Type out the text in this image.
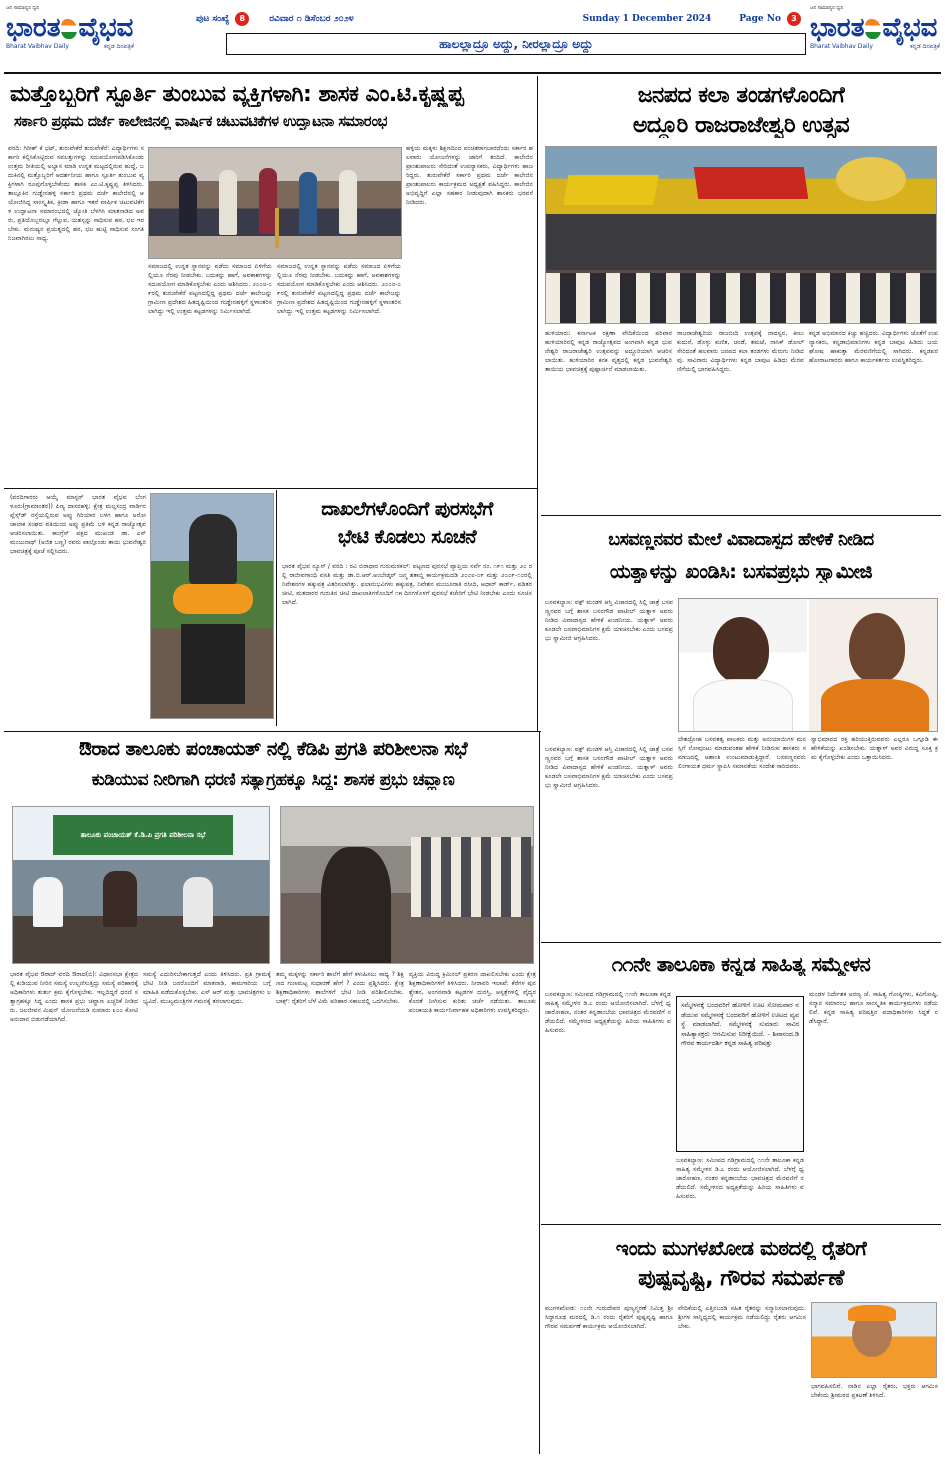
ಜನ ಸಾಮಾನ್ಯರ ಧ್ವನಿ
ಭಾರತ ವೈಭವ
Bharat Vaibhav Daily	ಕನ್ನಡ ದಿನಪತ್ರಿಕೆ
ಜನ ಸಾಮಾನ್ಯರ ಧ್ವನಿ
ಭಾರತ ವೈಭವ
Bharat Vaibhav Daily	ಕನ್ನಡ ದಿನಪತ್ರಿಕೆ
ಪುಟ ಸಂಖ್ಯೆ	8	ರವಿವಾರ ೧ ಡಿಸೆಂಬರ ೨೦೨೪	Sunday 1 December 2024	Page No	3
ಹಾಲಲ್ಲಾದ್ರೂ ಅದ್ದು, ನೀರಲ್ಲಾದ್ರೂ ಅದ್ದು
ಮತ್ತೊಬ್ಬರಿಗೆ ಸ್ಪೂರ್ತಿ ತುಂಬುವ ವ್ಯಕ್ತಿಗಳಾಗಿ: ಶಾಸಕ ಎಂ.ಟಿ.ಕೃಷ್ಣಪ್ಪ
ಸರ್ಕಾರಿ ಪ್ರಥಮ ದರ್ಜೆ ಕಾಲೇಜಿನಲ್ಲಿ ವಾರ್ಷಿಕ ಚಟುವಟಿಕೆಗಳ ಉದ್ಘಾಟನಾ ಸಮಾರಂಭ
ವರದಿ: ಗಿರೀಶ್ ಕೆ ಭಟ್, ತುರುವೇಕೆರೆ ತುರುವೇಕೆರೆ: ವಿದ್ಯಾರ್ಥಿಗಳು ಸರ್ಕಾರಿ ಕಲ್ಪಿಸಿಕೊಟ್ಟಿರುವ ಸವಲತ್ತುಗಳನ್ನು ಸದುಪಯೋಗಪಡಿಸಿಕೊಂಡು ಉತ್ತಮ ರೀತಿಯಲ್ಲಿ ಅಭ್ಯಾಸ ಮಾಡಿ ಉನ್ನತ ಮಟ್ಟದಲ್ಲಿರುವ ಹುದ್ದೆ, ಬದುಕಿನಲ್ಲಿ ಮತ್ತೊಬ್ಬರಿಗೆ ಆದರ್ಶನೀಯ ಹಾಗೂ ಸ್ಪೂರ್ತಿ ತುಂಬುವ ವ್ಯಕ್ತಿಗಳಾಗಿ ರೂಪುಗೊಳ್ಳಬೇಕೆಂದು ಶಾಸಕ ಎಂ.ಟಿ.ಕೃಷ್ಣಪ್ಪ ತಿಳಿಸಿದರು. ತಾಲ್ಲೂಕಿನ ಗುಡ್ಡೇನಹಳ್ಳಿ ಸರ್ಕಾರಿ ಪ್ರಥಮ ದರ್ಜೆ ಕಾಲೇಜಿನಲ್ಲಿ ಆಯೋಜಿಸಿದ್ದ ಸಾಂಸ್ಕೃತಿಕ, ಕ್ರೀಡಾ ಹಾಗೂ ಇತರೆ ವಾರ್ಷಿಕ ಚಟುವಟಿಕೆಗಳ ಉದ್ಘಾಟನಾ ಸಮಾರಂಭದಲ್ಲಿ ಜ್ಯೋತಿ ಬೆಳಗಿಸಿ ಮಾತನಾಡಿದ ಅವರು, ಪ್ರತಿಯೊಬ್ಬರಲ್ಲೂ ಗೆಲ್ಲುವ, ಯಶಸ್ಸನ್ನು ಸಾಧಿಸುವ ಹಠ, ಛಲ ಇರಬೇಕು. ಮನುಷ್ಯನ ಪ್ರಯತ್ನದಲ್ಲಿ ಹಠ, ಛಲ ಹುಟ್ಟಿ ಸಾಧಿಸುವ ಸಂಗತಿ ನಿಜವಾಗಿರಲು ಸಾಧ್ಯ.
ಸಮಾಜದಲ್ಲಿ ಉನ್ನತ ಸ್ಥಾನವನ್ನು ಪಡೆದು ಸಮಾಜದ ಏಳಿಗೆಯಲ್ಲಿಯೂ ನೆರವು ನೀಡಬೇಕು. ಬದುಕನ್ನು ಹಾಗೆ, ಅವಕಾಶಗಳನ್ನು ಸದುಪಯೋಗ ಮಾಡಿಕೊಳ್ಳಬೇಕು ಎಂದು ಆಶಿಸಿದರು. ೨೦೦೮-೦೯ರಲ್ಲಿ ತುರುವೇಕೆರೆ ಪಟ್ಟಣದಲ್ಲಿದ್ದ ಪ್ರಥಮ ದರ್ಜೆ ಕಾಲೇಜನ್ನು ಗ್ರಾಮೀಣ ಪ್ರದೇಶದ ಹಿತದೃಷ್ಟಿಯಿಂದ ಗುಡ್ಡೇನಹಳ್ಳಿಗೆ ಸ್ಥಳಾಂತರಿಸಲಾಗಿದ್ದು ಇಲ್ಲಿ ಉತ್ತಮ ಕಟ್ಟಡಗಳನ್ನು ನಿರ್ಮಿಸಲಾಗಿದೆ.
ಸಮಾಜದಲ್ಲಿ ಉನ್ನತ ಸ್ಥಾನವನ್ನು ಪಡೆದು ಸಮಾಜದ ಏಳಿಗೆಯಲ್ಲಿಯೂ ನೆರವು ನೀಡಬೇಕು. ಬದುಕನ್ನು ಹಾಗೆ, ಅವಕಾಶಗಳನ್ನು ಸದುಪಯೋಗ ಮಾಡಿಕೊಳ್ಳಬೇಕು ಎಂದು ಆಶಿಸಿದರು. ೨೦೦೮-೦೯ರಲ್ಲಿ ತುರುವೇಕೆರೆ ಪಟ್ಟಣದಲ್ಲಿದ್ದ ಪ್ರಥಮ ದರ್ಜೆ ಕಾಲೇಜನ್ನು ಗ್ರಾಮೀಣ ಪ್ರದೇಶದ ಹಿತದೃಷ್ಟಿಯಿಂದ ಗುಡ್ಡೇನಹಳ್ಳಿಗೆ ಸ್ಥಳಾಂತರಿಸಲಾಗಿದ್ದು ಇಲ್ಲಿ ಉತ್ತಮ ಕಟ್ಟಡಗಳನ್ನು ನಿರ್ಮಿಸಲಾಗಿದೆ.
ಹಳ್ಳಿಯ ಮಕ್ಕಳು ಶಿಕ್ಷಣದಿಂದ ವಂಚಿತರಾಗಬಾರದೆಂದು ಸರ್ಕಾರ ಹಲವಾರು ಯೋಜನೆಗಳನ್ನು ಜಾರಿಗೆ ತಂದಿದೆ. ಕಾಲೇಜಿನ ಪ್ರಾಂಶುಪಾಲರು ಸೇರಿದಂತೆ ಉಪನ್ಯಾಸಕರು, ವಿದ್ಯಾರ್ಥಿಗಳು ಹಾಜರಿದ್ದರು. ತುರುವೇಕೆರೆ ಸರ್ಕಾರಿ ಪ್ರಥಮ ದರ್ಜೆ ಕಾಲೇಜಿನ ಪ್ರಾಂಶುಪಾಲರು ಕಾರ್ಯಕ್ರಮದ ಅಧ್ಯಕ್ಷತೆ ವಹಿಸಿದ್ದರು. ಕಾಲೇಜಿನ ಅಭಿವೃದ್ಧಿಗೆ ಎಲ್ಲಾ ಸಹಕಾರ ನೀಡುವುದಾಗಿ ಶಾಸಕರು ಭರವಸೆ ನೀಡಿದರು.
ಜನಪದ ಕಲಾ ತಂಡಗಳೊಂದಿಗೆ
ಅದ್ದೂರಿ ರಾಜರಾಜೇಶ್ವರಿ ಉತ್ಸವ
ಹುಳಿಯಾರು: ಕರ್ನಾಟಕ ರಕ್ಷಣಾ ವೇದಿಕೆಯಿಂದ ಪರಿವಾರ ಹುಳಿಯಾರಿನಲ್ಲಿ ಕನ್ನಡ ರಾಜ್ಯೋತ್ಸವದ ಅಂಗವಾಗಿ ಕನ್ನಡ ಭುವನೇಶ್ವರಿ ರಾಜರಾಜೇಶ್ವರಿ ಉತ್ಸವವನ್ನು ಅದ್ದೂರಿಯಾಗಿ ಆಚರಿಸಲಾಯಿತು. ಹುಳಿಯಾರಿನ ಕನಕ ವೃತ್ತದಲ್ಲಿ ಕನ್ನಡ ಭುವನೇಶ್ವರಿ ತಾಯಿಯ ಭಾವಚಿತ್ರಕ್ಕೆ ಪುಷ್ಪಾರ್ಚನೆ ಮಾಡಲಾಯಿತು.
ರಾಜರಾಜೇಶ್ವರಿಯ ರಾಜಬೀದಿ ಉತ್ಸವಕ್ಕೆ ನಾದಸ್ವರ, ಕೀಲು ಕುದುರೆ, ಡೊಳ್ಳು ಕುಣಿತ, ಚಂಡೆ, ತಮಟೆ, ನಾಸಿಕ್ ಡೋಲ್ ಸೇರಿದಂತೆ ಹಲವಾರು ಜನಪದ ಕಲಾ ತಂಡಗಳು ಮೆರುಗು ನೀಡಿದವು. ಸಾವಿರಾರು ವಿದ್ಯಾರ್ಥಿಗಳು ಕನ್ನಡ ಬಾವುಟ ಹಿಡಿದು ಮೆರವಣಿಗೆಯಲ್ಲಿ ಭಾಗವಹಿಸಿದ್ದರು.
ಕನ್ನಡ ಅಭಿಮಾನದ ಕಿಚ್ಚು ಹಚ್ಚಿದರು. ವಿದ್ಯಾರ್ಥಿಗಳು ಜೊತೆಗೆ ಉಪನ್ಯಾಸಕರು, ಕನ್ನಡಾಭಿಮಾನಿಗಳು ಕನ್ನಡ ಬಾವುಟ ಹಿಡಿದು ಜಯಘೋಷ ಹಾಕುತ್ತಾ ಮೆರವಣಿಗೆಯಲ್ಲಿ ಸಾಗಿದರು. ಕನ್ನಡಪರ ಹೋರಾಟಗಾರರು ಹಾಗೂ ಕಾರ್ಯಕರ್ತರು ಉಪಸ್ಥಿತರಿದ್ದರು.
(ವರದಿಗಾರರು ಆಯ್ಕೆ ಮಾಸ್ಟರ್ ಭಾರತ ವೈಭವ ಬೆಂಗಳೂರು(ಗ್ರಾಮಾಂತರ)) ಪಿಣ್ಯ ದಾಸರಹಳ್ಳಿ: ಕ್ಷೇತ್ರ ಮಲ್ಲಸಂದ್ರ ವಾರ್ಡಿನ ಪ್ಲೆಸ್ಸ್‌ಡ್ ರಸ್ತೆಯಲ್ಲಿರುವ ಅಪ್ಪು ಗಿರಿಯಾರ ಬಳಗ ಹಾಗೂ ಅರೋ ಜಾಲಾಕ ಸಂಘದ ವತಿಯಿಂದ ಅಪ್ಪು ಪ್ರತಿಮೆ ಬಳಿ ಕನ್ನಡ ರಾಜ್ಯೋತ್ಸವ ಆಚರಿಸಲಾಯಿತು. ಕಾಂಗ್ರೆಸ್ ಪಕ್ಷದ ಮುಖಂಡ ಡಾ. ಎಸ್ ಮಂಜುನಾಥ್ (ಅಜಿತ ಬಣ್ಣ) ರವರು ಪಾಲ್ಗೊಂಡು ತಾಯಿ ಭುವನೇಶ್ವರಿ ಭಾವಚಿತ್ರಕ್ಕೆ ಪೂಜೆ ಸಲ್ಲಿಸಿದರು.
ದಾಖಲೆಗಳೊಂದಿಗೆ ಪುರಸಭೆಗೆ
ಭೇಟಿ ಕೊಡಲು ಸೂಚನೆ
ಭಾರತ ವೈಭವ ನ್ಯೂಸ್ / ವರದಿ : ರವಿ ಬಿರಾಧಾರ ಗುರುಮಠಕಲ್: ಪಟ್ಟಣದ ಪುರಸಭೆ ವ್ಯಾಪ್ತಿಯ ಸರ್ವೆ ನಂ. ೧೯೧ ಮತ್ತು ೨೦ ರಲ್ಲಿ ರಾಜೀವಗಾಂಧಿ ವಸತಿ ಮತ್ತು ಡಾ.ಬಿ.ಆರ್.ಅಂಬೇಡ್ಕರ್ ಜನ್ಮ ಶತಾಬ್ದಿ ಕಾರ್ಯಕ್ರಮದಡಿ ೨೦೦೮-೦೯ ಮತ್ತು ೨೦೦೯-೧೦ರಲ್ಲಿ ನಿವೇಶನಗಳ ಹಕ್ಕುಪತ್ರ ವಿತರಿಸಲಾಗಿತ್ತು. ಫಲಾನುಭವಿಗಳು ಹಕ್ಕುಪತ್ರ, ನಿವೇಶನ ಮಂಜೂರಾತಿ ರಸೀದಿ, ಆಧಾರ್ ಕಾರ್ಡ್, ಪಡಿತರ ಚೀಟಿ, ಮತದಾರರ ಗುರುತಿನ ಚೀಟಿ ದಾಖಲಾತಿಗಳೊಂದಿಗೆ ೧೫ ದಿನಗಳೊಳಗೆ ಪುರಸಭೆ ಕಚೇರಿಗೆ ಭೇಟಿ ನೀಡಬೇಕು ಎಂದು ಸೂಚಿಸಲಾಗಿದೆ.
ಬಸವಣ್ಣನವರ ಮೇಲೆ ವಿವಾದಾಸ್ಪದ ಹೇಳಿಕೆ ನೀಡಿದ
ಯತ್ನಾಳನ್ನು ಖಂಡಿಸಿ: ಬಸವಪ್ರಭು ಸ್ವಾಮೀಜಿ
ಬಸವಕಲ್ಯಾಣ: ವಕ್ಫ್ ಮಂಡಳಿ ಆಸ್ತಿ ವಿಚಾರದಲ್ಲಿ ಸಿಲ್ಲಿ ಜಾತ್ರೆ ಬಸವಣ್ಣನವರ ಬಗ್ಗೆ ಶಾಸಕ ಬಸನಗೌಡ ಪಾಟೀಲ್ ಯತ್ನಾಳ ಅವರು ನೀಡಿದ ವಿವಾದಾಸ್ಪದ ಹೇಳಿಕೆ ಖಂಡನೀಯ. ಯತ್ನಾಳ್ ಅವರು ಕೂಡಲೇ ಬಸವಾಭಿಮಾನಿಗಳ ಕ್ಷಮೆ ಯಾಚಿಸಬೇಕು ಎಂದು ಬಸವಪ್ರಭು ಸ್ವಾಮೀಜಿ ಆಗ್ರಹಿಸಿದರು.
ದೇಶದ್ರೋಹ ಬಸವತತ್ವ ಪಾಲಕರು ಮತ್ತು ಅನುಯಾಯಿಗಳ ಮನಸ್ಸಿಗೆ ನೋವುಂಟು ಮಾಡುವಂತಹ ಹೇಳಿಕೆ ನೀಡಿರುವ ಶಾಸಕರು ಸಮಾಜದಲ್ಲಿ ಅಶಾಂತಿ ಉಂಟುಮಾಡುತ್ತಿದ್ದಾರೆ. ಬಸವಣ್ಣನವರು ಲಿಂಗಾಯತ ಧರ್ಮ ಸ್ಥಾಪಿಸಿ ಸಮಾನತೆಯ ಸಂದೇಶ ಸಾರಿದವರು.
ಸ್ವಾಭಿಮಾನದ ರಕ್ತ ಹರಿಯುತ್ತಿರುವವರು ಎಲ್ಲರೂ ಒಗ್ಗೂಡಿ ಈ ಹೇಳಿಕೆಯನ್ನು ಖಂಡಿಸಬೇಕು. ಯತ್ನಾಳ್ ಅವರ ವಿರುದ್ಧ ಸೂಕ್ತ ಕ್ರಮ ಕೈಗೊಳ್ಳಬೇಕು ಎಂದು ಒತ್ತಾಯಿಸಿದರು.
ಬಸವಕಲ್ಯಾಣ: ವಕ್ಫ್ ಮಂಡಳಿ ಆಸ್ತಿ ವಿಚಾರದಲ್ಲಿ ಸಿಲ್ಲಿ ಜಾತ್ರೆ ಬಸವಣ್ಣನವರ ಬಗ್ಗೆ ಶಾಸಕ ಬಸನಗೌಡ ಪಾಟೀಲ್ ಯತ್ನಾಳ ಅವರು ನೀಡಿದ ವಿವಾದಾಸ್ಪದ ಹೇಳಿಕೆ ಖಂಡನೀಯ. ಯತ್ನಾಳ್ ಅವರು ಕೂಡಲೇ ಬಸವಾಭಿಮಾನಿಗಳ ಕ್ಷಮೆ ಯಾಚಿಸಬೇಕು ಎಂದು ಬಸವಪ್ರಭು ಸ್ವಾಮೀಜಿ ಆಗ್ರಹಿಸಿದರು.
ಔರಾದ ತಾಲೂಕು ಪಂಚಾಯತ್ ನಲ್ಲಿ ಕೆಡಿಪಿ ಪ್ರಗತಿ ಪರಿಶೀಲನಾ ಸಭೆ
ಕುಡಿಯುವ ನೀರಿಗಾಗಿ ಧರಣಿ ಸತ್ಯಾಗ್ರಹಕ್ಕೂ ಸಿದ್ಧ: ಶಾಸಕ ಪ್ರಭು ಚವ್ಹಾಣ
ತಾಲೂಕು ಪಂಚಾಯತ್ ಕೆ.ಡಿ.ಪಿ ಪ್ರಗತಿ ಪರಿಶೀಲನಾ ಸಭೆ
ಭಾರತ ವೈಭವ ಔರಾದ್ ವರದಿ ಔರಾದ(ಬಿ): ವಿಧಾನಸಭಾ ಕ್ಷೇತ್ರದಲ್ಲಿ ಕುಡಿಯುವ ನೀರಿನ ಸಮಸ್ಯೆ ಉಲ್ಬಣಿಸುತ್ತಿದ್ದು ಸಮಸ್ಯೆ ಪರಿಹಾರಕ್ಕೆ ಅಧಿಕಾರಿಗಳು ತುರ್ತು ಕ್ರಮ ಕೈಗೊಳ್ಳಬೇಕು. ಇಲ್ಲದಿದ್ದರೆ ಧರಣಿ ಸತ್ಯಾಗ್ರಹಕ್ಕೂ ಸಿದ್ಧ ಎಂದು ಶಾಸಕ ಪ್ರಭು ಚವ್ಹಾಣ ಎಚ್ಚರಿಕೆ ನೀಡಿದರು. ಜಲಜೀವನ ಮಿಷನ್ ಯೋಜನೆಯಡಿ ಸುಮಾರು ೩೦೦ ಕೋಟಿ ಅನುದಾನ ಬಿಡುಗಡೆಯಾಗಿದೆ.
ಸಮಸ್ಯೆ ಎದುರಿಸಬೇಕಾಗುತ್ತದೆ ಎಂದು ತಿಳಿಸಿದರು. ಪ್ರತಿ ಗ್ರಾಮಕ್ಕೆ ಭೇಟಿ ನೀಡಿ ಜನರೊಂದಿಗೆ ಮಾತನಾಡಿ, ಕಾಮಗಾರಿಯ ಬಗ್ಗೆ ಮಾಹಿತಿ ಪಡೆದುಕೊಳ್ಳಬೇಕು. ಎಸ್ ಆರ್ ಮತ್ತು ಭಾವಚಿತ್ರಗಳು ಲಭ್ಯವಿದೆ. ಮುಖ್ಯಮಂತ್ರಿಗಳ ಗಮನಕ್ಕೆ ತರಲಾಗುವುದು.
ತಮ್ಮ ಮಕ್ಕಳನ್ನು ಸರ್ಕಾರಿ ಶಾಲೆಗೆ ಹೇಗೆ ಕಳುಹಿಸಲು ಸಾಧ್ಯ ? ಶಿಕ್ಷಣದ ಗುಣಮಟ್ಟ ಸುಧಾರಣೆ ಹೇಗೆ ? ಎಂದು ಪ್ರಶ್ನಿಸಿದರು. ಕ್ಷೇತ್ರ ಶಿಕ್ಷಣಾಧಿಕಾರಿಗಳು ಶಾಲೆಗಳಿಗೆ ಭೇಟಿ ನೀಡಿ ಪರಿಶೀಲಿಸಬೇಕು. ಬಾಕ್ಸ್: ರೈತರಿಗೆ ಬೆಳೆ ವಿಮೆ ಪರಿಹಾರ ಸಕಾಲದಲ್ಲಿ ಒದಗಿಸಬೇಕು.
ವ್ಯಕ್ತಿಯ ವಿರುದ್ಧ ಕ್ರಿಮಿನಲ್ ಪ್ರಕರಣ ದಾಖಲಿಸಬೇಕು ಎಂದು ಕ್ಷೇತ್ರ ಶಿಕ್ಷಣಾಧಿಕಾರಿಗಳಿಗೆ ತಿಳಿಸಿದರು. ನೀರಾವರಿ ಇಲಾಖೆ: ಕೆರೆಗಳ ಪುನಶ್ಚೇತನ, ಅಂಗನವಾಡಿ ಕಟ್ಟಡಗಳ ದುರಸ್ತಿ, ಆಸ್ಪತ್ರೆಗಳಲ್ಲಿ ವೈದ್ಯರ ಕೊರತೆ ನೀಗಿಸುವ ಕುರಿತು ಚರ್ಚೆ ನಡೆಯಿತು. ತಾಲೂಕು ಪಂಚಾಯತಿ ಕಾರ್ಯನಿರ್ವಾಹಕ ಅಧಿಕಾರಿಗಳು ಉಪಸ್ಥಿತರಿದ್ದರು.
೧೧ನೇ ತಾಲೂಕಾ ಕನ್ನಡ ಸಾಹಿತ್ಯ ಸಮ್ಮೇಳನ
ಬಸವಕಲ್ಯಾಣ: ಸಮೀಪದ ಗಡಿಗ್ರಾಮದಲ್ಲಿ ೧೧ನೇ ತಾಲೂಕಾ ಕನ್ನಡ ಸಾಹಿತ್ಯ ಸಮ್ಮೇಳನ ಡಿ.೭ ರಂದು ಆಯೋಜಿಸಲಾಗಿದೆ. ಬೆಳಗ್ಗೆ ಧ್ವಜಾರೋಹಣ, ನಂತರ ಕನ್ನಡಾಂಬೆಯ ಭಾವಚಿತ್ರದ ಮೆರವಣಿಗೆ ನಡೆಯಲಿದೆ. ಸಮ್ಮೇಳನದ ಅಧ್ಯಕ್ಷತೆಯನ್ನು ಹಿರಿಯ ಸಾಹಿತಿಗಳು ವಹಿಸುವರು.
ಸಮ್ಮೇಳನಕ್ಕೆ ಬಂದವರಿಗೆ ಹೋಳಿಗೆ ಊಟ ಸೋಮವಾರ ನಡೆಯುವ ಸಮ್ಮೇಳನಕ್ಕೆ ಬಂದವರಿಗೆ ಹೋಳಿಗೆ ಊಟದ ವ್ಯವಸ್ಥೆ ಮಾಡಲಾಗಿದೆ. ಸಮ್ಮೇಳನಕ್ಕೆ ಸುಮಾರು ಸಾವಿರ ಸಾಹಿತ್ಯಾಸಕ್ತರು ಆಗಮಿಸುವ ನಿರೀಕ್ಷೆಯಿದೆ. - ಶಿವಾನಂದ.ಡಿ ಗೌರವ ಕಾರ್ಯದರ್ಶಿ ಕನ್ನಡ ಸಾಹಿತ್ಯ ಪರಿಷತ್ತು
ಬಸವಕಲ್ಯಾಣ: ಸಮೀಪದ ಗಡಿಗ್ರಾಮದಲ್ಲಿ ೧೧ನೇ ತಾಲೂಕಾ ಕನ್ನಡ ಸಾಹಿತ್ಯ ಸಮ್ಮೇಳನ ಡಿ.೭ ರಂದು ಆಯೋಜಿಸಲಾಗಿದೆ. ಬೆಳಗ್ಗೆ ಧ್ವಜಾರೋಹಣ, ನಂತರ ಕನ್ನಡಾಂಬೆಯ ಭಾವಚಿತ್ರದ ಮೆರವಣಿಗೆ ನಡೆಯಲಿದೆ. ಸಮ್ಮೇಳನದ ಅಧ್ಯಕ್ಷತೆಯನ್ನು ಹಿರಿಯ ಸಾಹಿತಿಗಳು ವಹಿಸುವರು.
ಮಂಡಳ ನಿರ್ದೇಶಕ ಅರಣ್ಯ ಜೆ. ಸಾಹಿತ್ಯ ಗೋಷ್ಠಿಗಳು, ಕವಿಗೋಷ್ಠಿ, ಸನ್ಮಾನ ಸಮಾರಂಭ ಹಾಗೂ ಸಾಂಸ್ಕೃತಿಕ ಕಾರ್ಯಕ್ರಮಗಳು ನಡೆಯಲಿವೆ. ಕನ್ನಡ ಸಾಹಿತ್ಯ ಪರಿಷತ್ತಿನ ಪದಾಧಿಕಾರಿಗಳು ಸಿದ್ಧತೆ ನಡೆಸಿದ್ದಾರೆ.
ಇಂದು ಮುಗಳಖೋಡ ಮಠದಲ್ಲಿ ರೈತರಿಗೆ
ಪುಷ್ಪವೃಷ್ಟಿ, ಗೌರವ ಸಮರ್ಪಣೆ
ಮುಗಳಖೋಡ: ೧೦ನೇ ಗುರುದೇವರ ಪುಣ್ಯಸ್ಮರಣೆ ನಿಮಿತ್ತ ಶ್ರೀ ಸಿದ್ಧಾರೂಢ ಮಠದಲ್ಲಿ ಡಿ.೧ ರಂದು ರೈತರಿಗೆ ಪುಷ್ಪವೃಷ್ಟಿ ಹಾಗೂ ಗೌರವ ಸಮರ್ಪಣೆ ಕಾರ್ಯಕ್ರಮ ಆಯೋಜಿಸಲಾಗಿದೆ.
ವೇದಿಕೆಯಲ್ಲಿ ಎತ್ತಿನಬಂಡಿ ಸಹಿತ ರೈತರನ್ನು ಸನ್ಮಾನಿಸಲಾಗುವುದು. ಶ್ರೀಗಳ ಸಾನ್ನಿಧ್ಯದಲ್ಲಿ ಕಾರ್ಯಕ್ರಮ ನಡೆಯಲಿದ್ದು ರೈತರು ಆಗಮಿಸಬೇಕು.
ಭಾಗವಹಿಸಲಿವೆ. ನಾಡಿನ ಎಲ್ಲಾ ರೈತರು, ಭಕ್ತರು ಆಗಮಿಸಬೇಕೆಂದು ಶ್ರೀಮಠದ ಪ್ರಕಟಣೆ ತಿಳಿಸಿದೆ.
